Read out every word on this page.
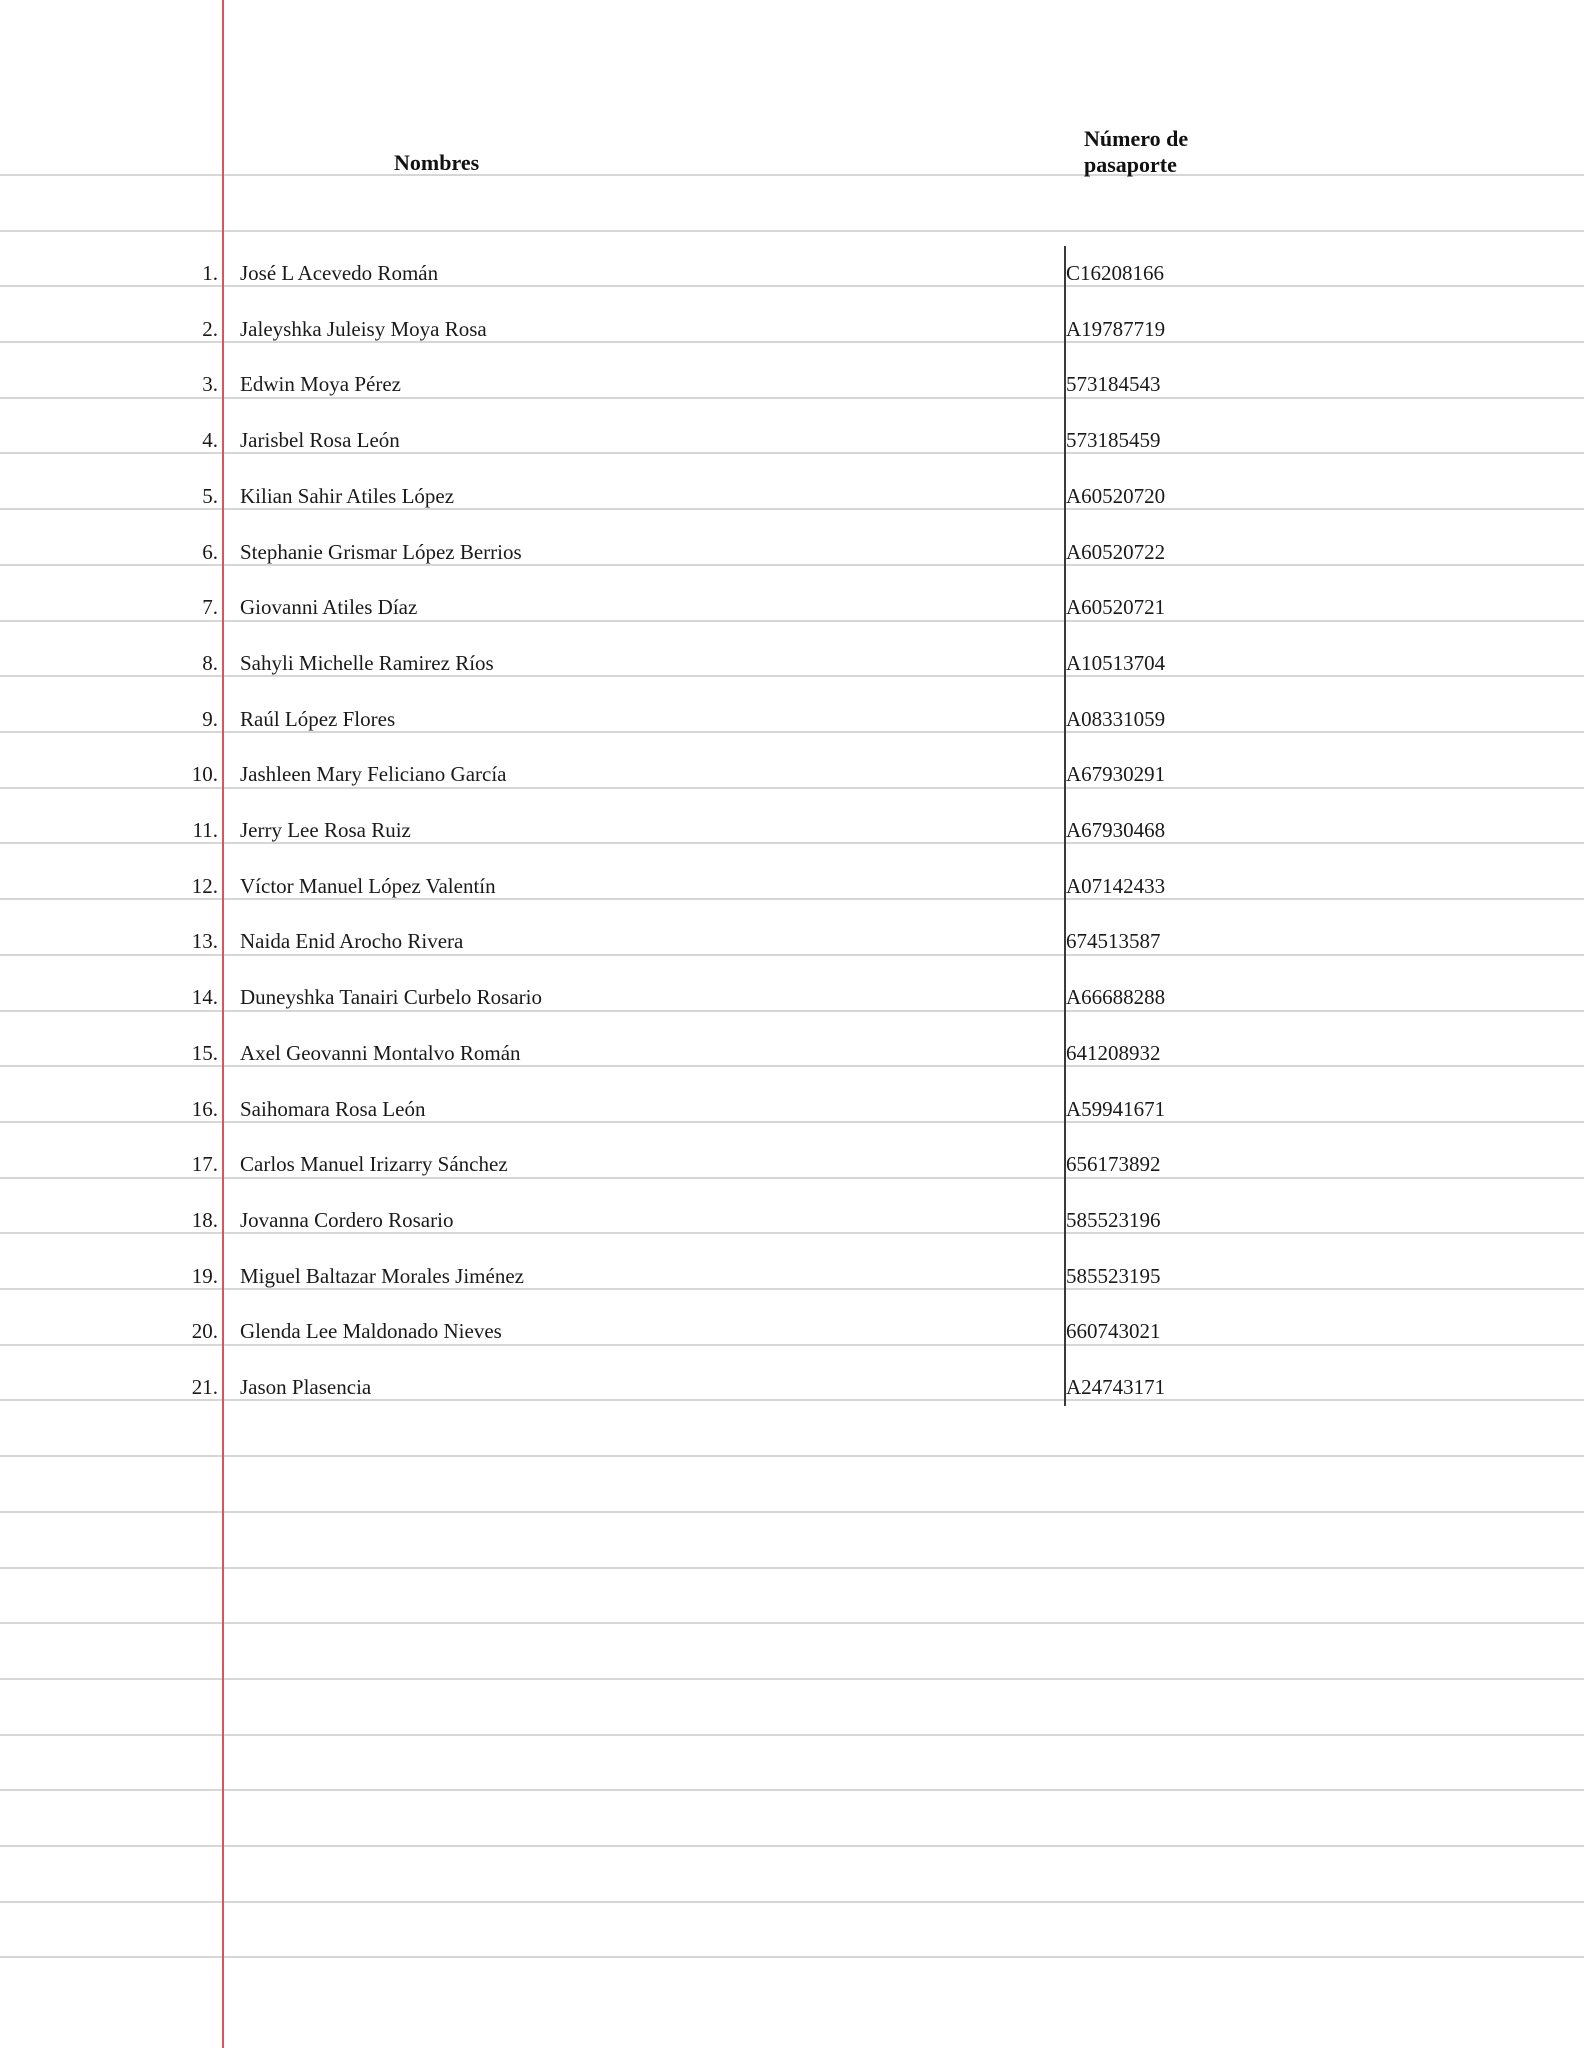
Nombres
Número de
pasaporte
1. José L Acevedo Román	C16208166
2. Jaleyshka Juleisy Moya Rosa	A19787719
3. Edwin Moya Pérez	573184543
4. Jarisbel Rosa León	573185459
5. Kilian Sahir Atiles López	A60520720
6. Stephanie Grismar López Berrios	A60520722
7. Giovanni Atiles Díaz	A60520721
8. Sahyli Michelle Ramirez Ríos	A10513704
9. Raúl López Flores	A08331059
10. Jashleen Mary Feliciano García	A67930291
11. Jerry Lee Rosa Ruiz	A67930468
12. Víctor Manuel López Valentín	A07142433
13. Naida Enid Arocho Rivera	674513587
14. Duneyshka Tanairi Curbelo Rosario	A66688288
15. Axel Geovanni Montalvo Román	641208932
16. Saihomara Rosa León	A59941671
17. Carlos Manuel Irizarry Sánchez	656173892
18. Jovanna Cordero Rosario	585523196
19. Miguel Baltazar Morales Jiménez	585523195
20. Glenda Lee Maldonado Nieves	660743021
21. Jason Plasencia	A24743171
